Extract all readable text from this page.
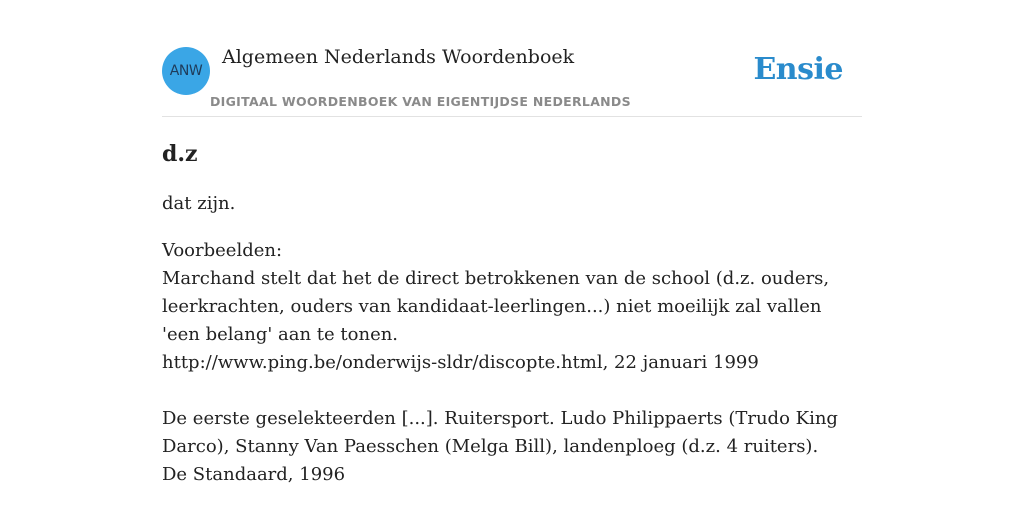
ANW
Algemeen Nederlands Woordenboek
DIGITAAL WOORDENBOEK VAN EIGENTIJDSE NEDERLANDS
Ensie
d.z

dat zijn.

Voorbeelden:

Marchand stelt dat het de direct betrokkenen van de school (d.z. ouders, leerkrachten, ouders van kandidaat-leerlingen...) niet moeilijk zal vallen 'een belang' aan te tonen.

http://www.ping.be/onderwijs-sldr/discopte.html, 22 januari 1999

De eerste geselekteerden [...]. Ruitersport. Ludo Philippaerts (Trudo King Darco), Stanny Van Paesschen (Melga Bill), landenploeg (d.z. 4 ruiters).

De Standaard, 1996
